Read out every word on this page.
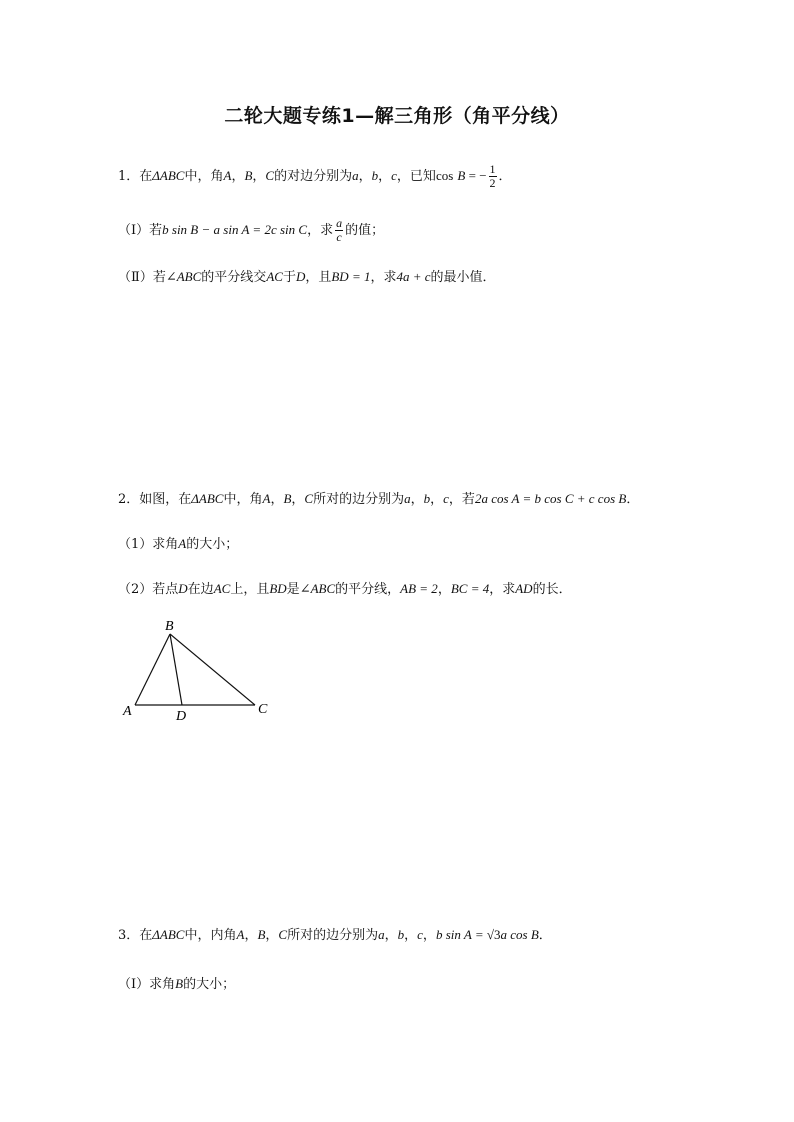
二轮大题专练1—解三角形（角平分线）
1．在ΔABC中，角A，B，C的对边分别为a，b，c，已知cos B = − $\frac{1}{2}$ ．
（Ⅰ）若b sin B − a sin A = 2c sin C，求 $\frac{a}{c}$ 的值；
（Ⅱ）若∠ABC的平分线交AC于D，且BD = 1，求4a + c的最小值．
2．如图，在ΔABC中，角A，B，C所对的边分别为a，b，c，若2a cos A = b cos C + c cos B．
（1）求角A的大小；
（2）若点D在边AC上，且BD是∠ABC的平分线，AB = 2，BC = 4，求AD的长．
B
A	D	C
3．在ΔABC中，内角A，B，C所对的边分别为a，b，c，b sin A = √3a cos B．
（Ⅰ）求角B的大小；
